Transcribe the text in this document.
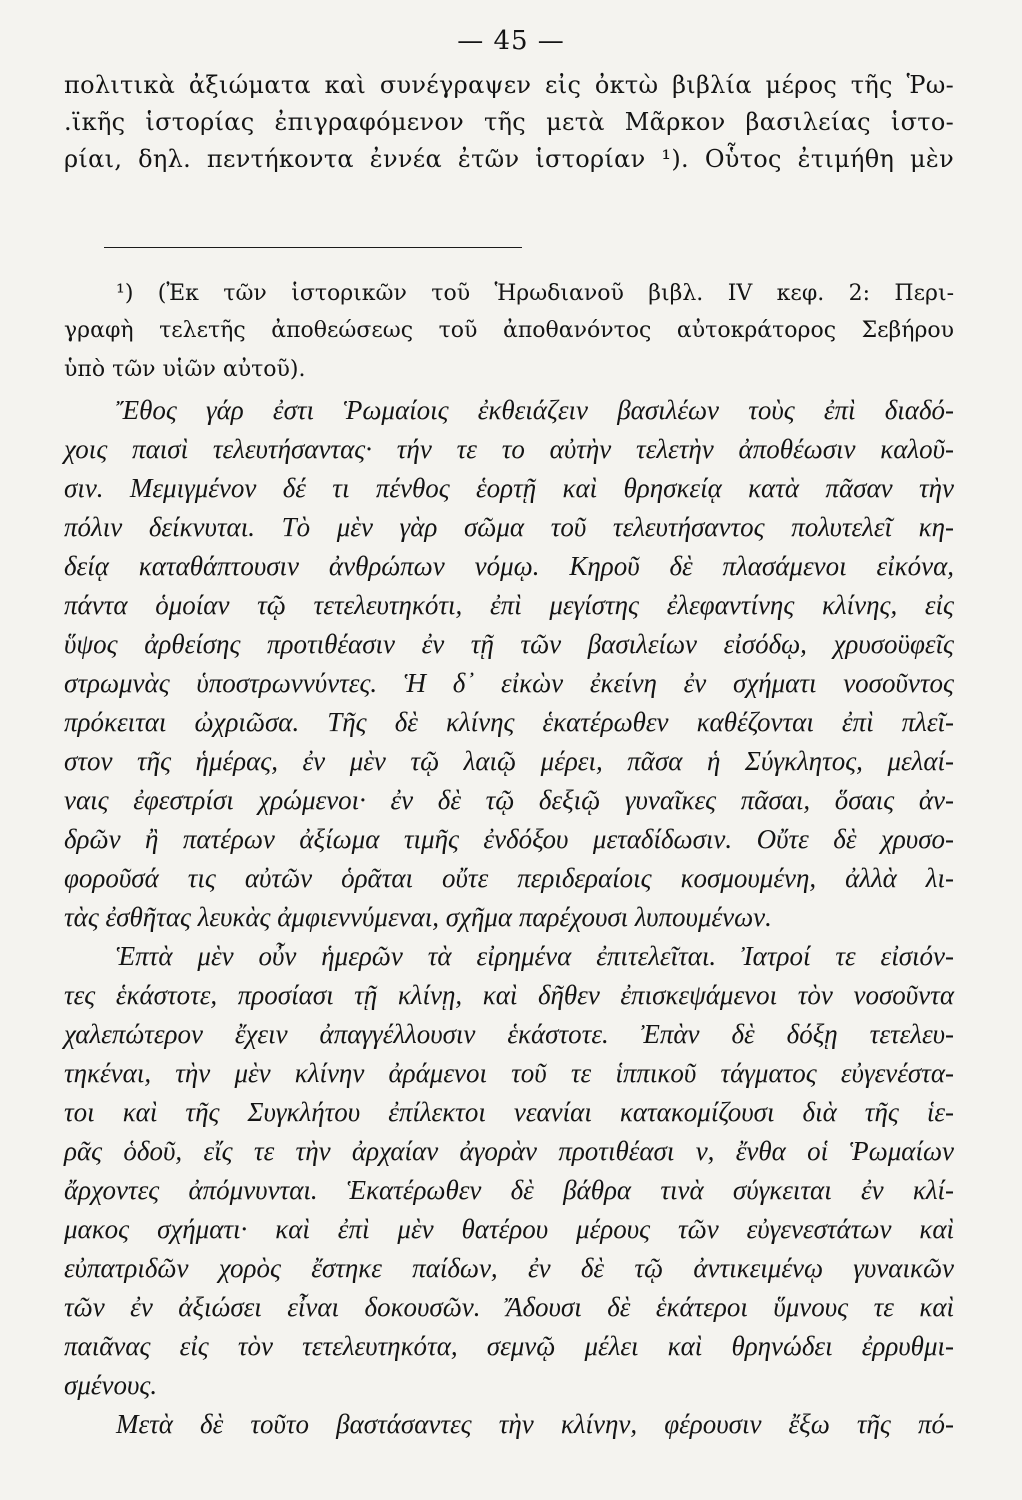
— 45 —
πολιτικὰ ἀξιώματα καὶ συνέγραψεν εἰς ὀκτὼ βιβλία μέρος τῆς Ῥω-
.ϊκῆς ἱστορίας ἐπιγραφόμενον τῆς μετὰ Μᾶρκον βασιλείας ἱστο-
ρίαι, δηλ. πεντήκοντα ἐννέα ἐτῶν ἱστορίαν ¹). Οὗτος ἐτιμήθη μὲν
¹) (Ἐκ τῶν ἱστορικῶν τοῦ Ἡρωδιανοῦ βιβλ. IV κεφ. 2: Περι-
γραφὴ τελετῆς ἀποθεώσεως τοῦ ἀποθανόντος αὐτοκράτορος Σεβήρου
ὑπὸ τῶν υἱῶν αὐτοῦ).
Ἔθος γάρ ἐστι Ῥωμαίοις ἐκθειάζειν βασιλέων τοὺς ἐπὶ διαδό-
χοις παισὶ τελευτήσαντας· τήν τε το αὐτὴν τελετὴν ἀποθέωσιν καλοῦ-
σιν. Μεμιγμένον δέ τι πένθος ἑορτῇ καὶ θρησκείᾳ κατὰ πᾶσαν τὴν
πόλιν δείκνυται. Τὸ μὲν γὰρ σῶμα τοῦ τελευτήσαντος πολυτελεῖ κη-
δείᾳ καταθάπτουσιν ἀνθρώπων νόμῳ. Κηροῦ δὲ πλασάμενοι εἰκόνα,
πάντα ὁμοίαν τῷ τετελευτηκότι, ἐπὶ μεγίστης ἐλεφαντίνης κλίνης, εἰς
ὕψος ἀρθείσης προτιθέασιν ἐν τῇ τῶν βασιλείων εἰσόδῳ, χρυσοϋφεῖς
στρωμνὰς ὑποστρωννύντες. Ἡ δ᾽ εἰκὼν ἐκείνη ἐν σχήματι νοσοῦντος
πρόκειται ὠχριῶσα. Τῆς δὲ κλίνης ἑκατέρωθεν καθέζονται ἐπὶ πλεῖ-
στον τῆς ἡμέρας, ἐν μὲν τῷ λαιῷ μέρει, πᾶσα ἡ Σύγκλητος, μελαί-
ναις ἐφεστρίσι χρώμενοι· ἐν δὲ τῷ δεξιῷ γυναῖκες πᾶσαι, ὅσαις ἀν-
δρῶν ἢ πατέρων ἀξίωμα τιμῆς ἐνδόξου μεταδίδωσιν. Οὔτε δὲ χρυσο-
φοροῦσά τις αὐτῶν ὁρᾶται οὔτε περιδεραίοις κοσμουμένη, ἀλλὰ λι-
τὰς ἐσθῆτας λευκὰς ἀμφιεννύμεναι, σχῆμα παρέχουσι λυπουμένων.
Ἑπτὰ μὲν οὖν ἡμερῶν τὰ εἰρημένα ἐπιτελεῖται. Ἰατροί τε εἰσιόν-
τες ἑκάστοτε, προσίασι τῇ κλίνῃ, καὶ δῆθεν ἐπισκεψάμενοι τὸν νοσοῦντα
χαλεπώτερον ἔχειν ἀπαγγέλλουσιν ἑκάστοτε. Ἐπὰν δὲ δόξῃ τετελευ-
τηκέναι, τὴν μὲν κλίνην ἀράμενοι τοῦ τε ἱππικοῦ τάγματος εὐγενέστα-
τοι καὶ τῆς Συγκλήτου ἐπίλεκτοι νεανίαι κατακομίζουσι διὰ τῆς ἱε-
ρᾶς ὁδοῦ, εἴς τε τὴν ἀρχαίαν ἀγορὰν προτιθέασι ν, ἔνθα οἱ Ῥωμαίων
ἄρχοντες ἀπόμνυνται. Ἑκατέρωθεν δὲ βάθρα τινὰ σύγκειται ἐν κλί-
μακος σχήματι· καὶ ἐπὶ μὲν θατέρου μέρους τῶν εὐγενεστάτων καὶ
εὐπατριδῶν χορὸς ἔστηκε παίδων, ἐν δὲ τῷ ἀντικειμένῳ γυναικῶν
τῶν ἐν ἀξιώσει εἶναι δοκουσῶν. Ἄδουσι δὲ ἑκάτεροι ὕμνους τε καὶ
παιᾶνας εἰς τὸν τετελευτηκότα, σεμνῷ μέλει καὶ θρηνώδει ἐρρυθμι-
σμένους.
Μετὰ δὲ τοῦτο βαστάσαντες τὴν κλίνην, φέρουσιν ἔξω τῆς πό-
